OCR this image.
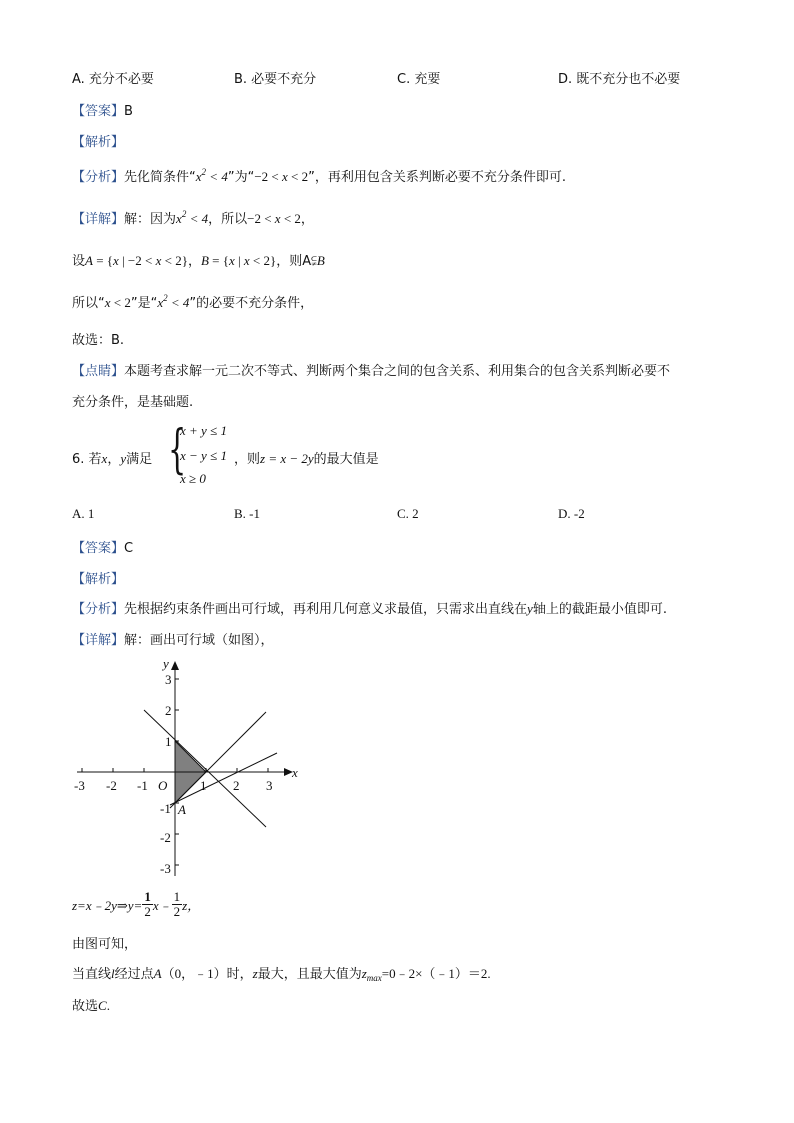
A. 充分不必要	B. 必要不充分	C. 充要	D. 既不充分也不必要
【答案】B
【解析】
【分析】先化简条件“$x^2 < 4$”为“−2 < x < 2”，再利用包含关系判断必要不充分条件即可.
【详解】解：因为$x^2 < 4$，所以−2 < x < 2，
设A = {x | −2 < x < 2}，B = {x | x < 2}，则A⫋B
所以“x < 2”是“$x^2 < 4$”的必要不充分条件，
故选：B.
【点睛】本题考查求解一元二次不等式、判断两个集合之间的包含关系、利用集合的包含关系判断必要不
充分条件，是基础题.
6. 若x，y满足 {
x + y ≤ 1
x − y ≤ 1
x ≥ 0
，则z = x − 2y的最大值是
A. 1	B. -1	C. 2	D. -2
【答案】C
【解析】
【分析】先根据约束条件画出可行域，再利用几何意义求最值，只需求出直线在y轴上的截距最小值即可.
【详解】解：画出可行域（如图），
-3 -2 -1	1 2 3
3
2
1
-1
-2
-3
O
A
x
y
z=x﹣2y⇒y= $\frac{1}{2}$ x﹣ $\frac{1}{2}$ z，
由图可知，
当直线l经过点A（0，﹣1）时，z最大，且最大值为$z_{max}=0﹣2\times(﹣1)=2$.
故选C.
